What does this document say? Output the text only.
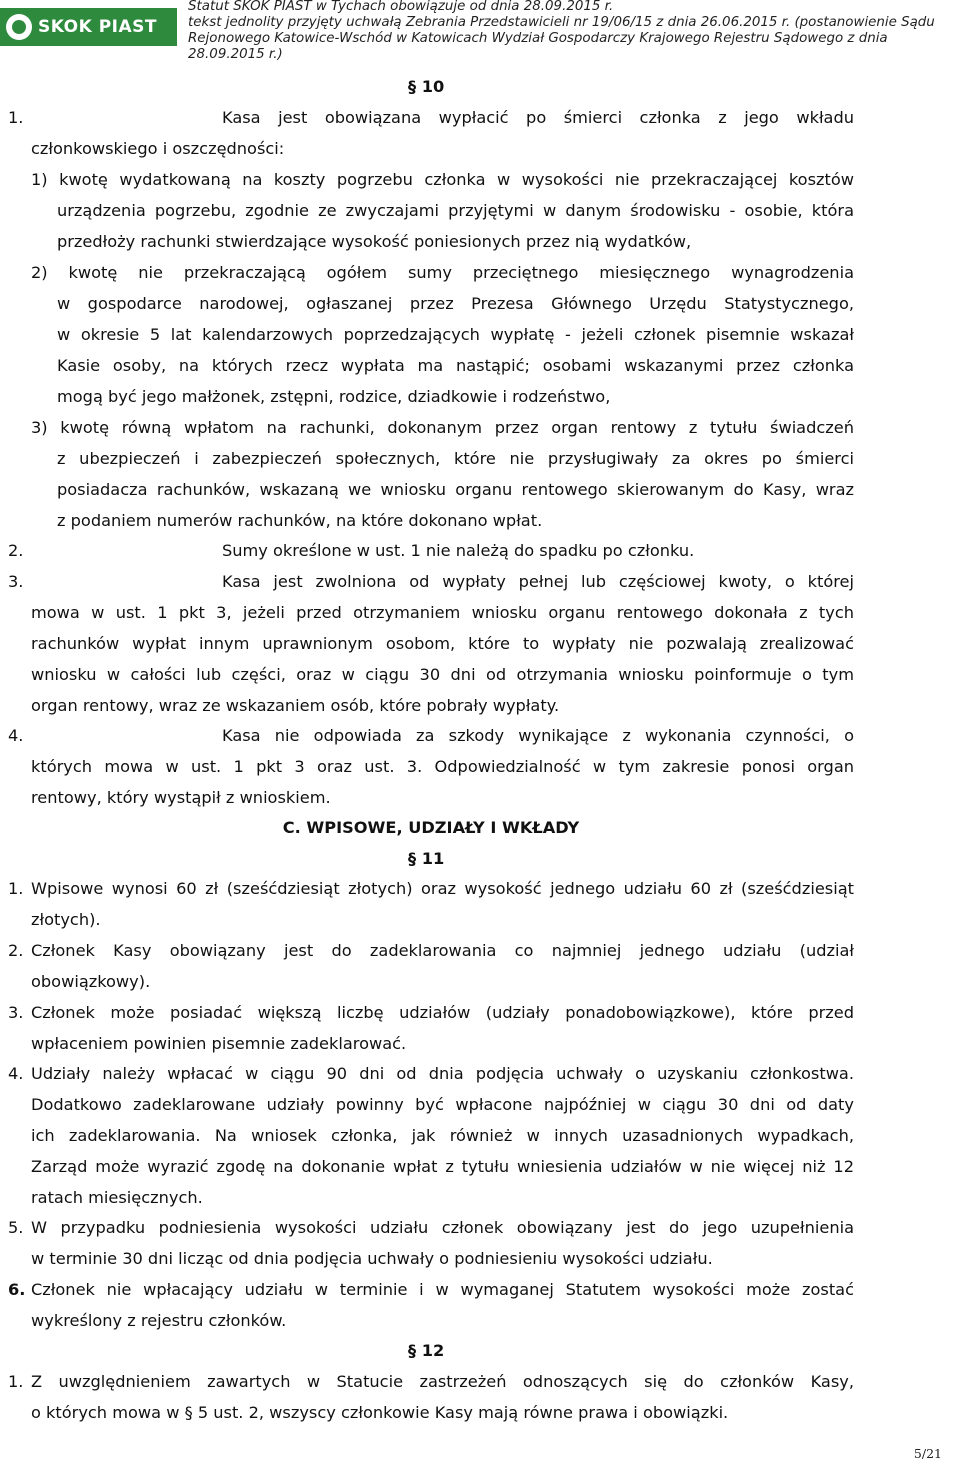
SKOK PIAST
Statut SKOK PIAST w Tychach obowiązuje od dnia 28.09.2015 r.
tekst jednolity przyjęty uchwałą Zebrania Przedstawicieli nr 19/06/15 z dnia 26.06.2015 r. (postanowienie Sądu
Rejonowego Katowice-Wschód w Katowicach Wydział Gospodarczy Krajowego Rejestru Sądowego z dnia
28.09.2015 r.)
§ 10
1.	Kasa jest obowiązana wypłacić po śmierci członka z jego wkładu
członkowskiego i oszczędności:
1) kwotę wydatkowaną na koszty pogrzebu członka w wysokości nie przekraczającej kosztów
urządzenia pogrzebu, zgodnie ze zwyczajami przyjętymi w danym środowisku - osobie, która
przedłoży rachunki stwierdzające wysokość poniesionych przez nią wydatków,
2) kwotę nie przekraczającą ogółem sumy przeciętnego miesięcznego wynagrodzenia
w gospodarce narodowej, ogłaszanej przez Prezesa Głównego Urzędu Statystycznego,
w okresie 5 lat kalendarzowych poprzedzających wypłatę - jeżeli członek pisemnie wskazał
Kasie osoby, na których rzecz wypłata ma nastąpić; osobami wskazanymi przez członka
mogą być jego małżonek, zstępni, rodzice, dziadkowie i rodzeństwo,
3) kwotę równą wpłatom na rachunki, dokonanym przez organ rentowy z tytułu świadczeń
z ubezpieczeń i zabezpieczeń społecznych, które nie przysługiwały za okres po śmierci
posiadacza rachunków, wskazaną we wniosku organu rentowego skierowanym do Kasy, wraz
z podaniem numerów rachunków, na które dokonano wpłat.
2.	Sumy określone w ust. 1 nie należą do spadku po członku.
3.	Kasa jest zwolniona od wypłaty pełnej lub częściowej kwoty, o której
mowa w ust. 1 pkt 3, jeżeli przed otrzymaniem wniosku organu rentowego dokonała z tych
rachunków wypłat innym uprawnionym osobom, które to wypłaty nie pozwalają zrealizować
wniosku w całości lub części, oraz w ciągu 30 dni od otrzymania wniosku poinformuje o tym
organ rentowy, wraz ze wskazaniem osób, które pobrały wypłaty.
4.	Kasa nie odpowiada za szkody wynikające z wykonania czynności, o
których mowa w ust. 1 pkt 3 oraz ust. 3. Odpowiedzialność w tym zakresie ponosi organ
rentowy, który wystąpił z wnioskiem.
C. WPISOWE, UDZIAŁY I WKŁADY
§ 11
1. Wpisowe wynosi 60 zł (sześćdziesiąt złotych) oraz wysokość jednego udziału 60 zł (sześćdziesiąt
złotych).
2. Członek Kasy obowiązany jest do zadeklarowania co najmniej jednego udziału (udział
obowiązkowy).
3. Członek może posiadać większą liczbę udziałów (udziały ponadobowiązkowe), które przed
wpłaceniem powinien pisemnie zadeklarować.
4. Udziały należy wpłacać w ciągu 90 dni od dnia podjęcia uchwały o uzyskaniu członkostwa.
Dodatkowo zadeklarowane udziały powinny być wpłacone najpóźniej w ciągu 30 dni od daty
ich zadeklarowania. Na wniosek członka, jak również w innych uzasadnionych wypadkach,
Zarząd może wyrazić zgodę na dokonanie wpłat z tytułu wniesienia udziałów w nie więcej niż 12
ratach miesięcznych.
5. W przypadku podniesienia wysokości udziału członek obowiązany jest do jego uzupełnienia
w terminie 30 dni licząc od dnia podjęcia uchwały o podniesieniu wysokości udziału.
6. Członek nie wpłacający udziału w terminie i w wymaganej Statutem wysokości może zostać
wykreślony z rejestru członków.
§ 12
1. Z uwzględnieniem zawartych w Statucie zastrzeżeń odnoszących się do członków Kasy,
o których mowa w § 5 ust. 2, wszyscy członkowie Kasy mają równe prawa i obowiązki.
5/21
